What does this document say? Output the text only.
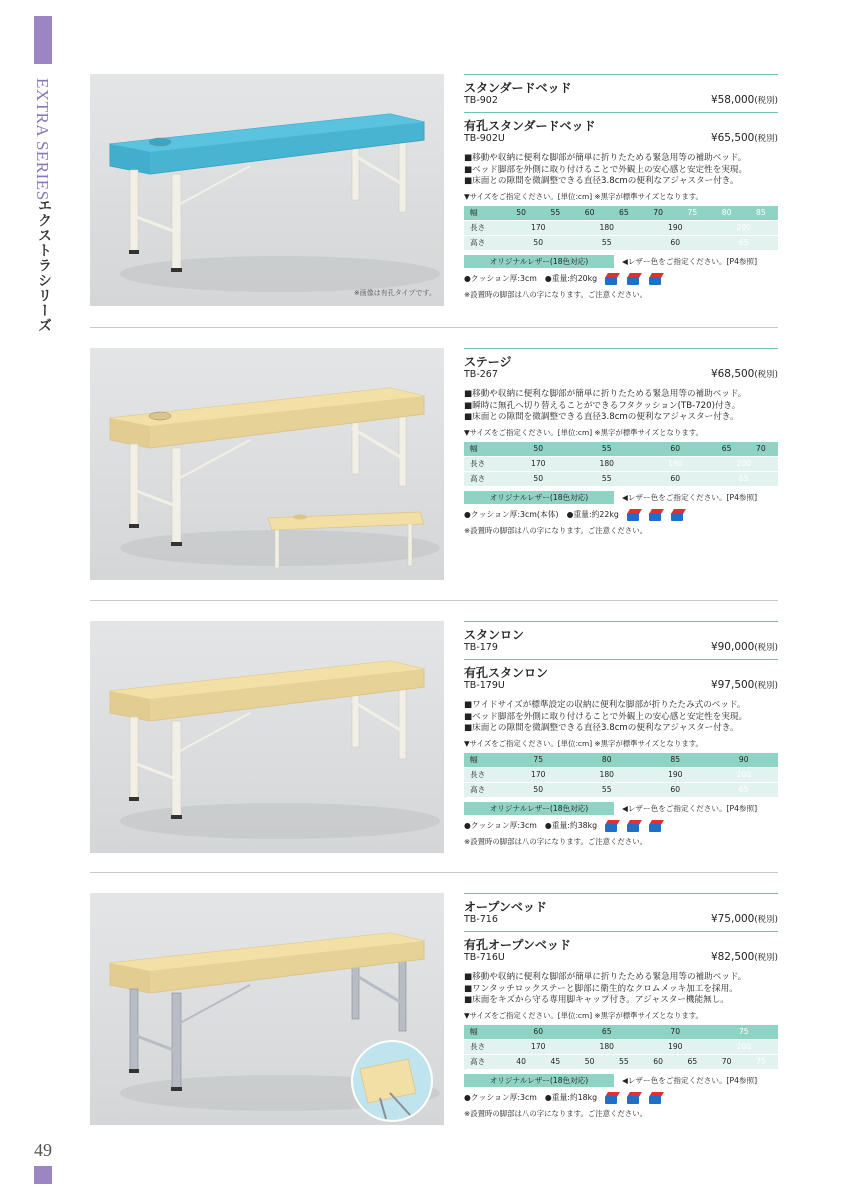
EXTRA SERIES
エクストラシリーズ
49
※画像は有孔タイプです。
スタンダードベッド
TB-902	¥58,000(税別)
有孔スタンダードベッド
TB-902U	¥65,500(税別)
■移動や収納に便利な脚部が簡単に折りたためる緊急用等の補助ベッド。
■ベッド脚部を外側に取り付けることで外観上の安心感と安定性を実現。
■床面との隙間を微調整できる直径3.8cmの便利なアジャスター付き。
▼サイズをご指定ください。[単位:cm] ※黒字が標準サイズとなります。
幅	50	55	60	65	70	75	80	85
長さ	170		180		190		200	
高さ	50		55		60		65	
オリジナルレザー(18色対応)	◀レザー色をご指定ください。[P4参照]
●クッション厚:3cm ●重量:約20kg
※設置時の脚部は八の字になります。ご注意ください。
ステージ
TB-267	¥68,500(税別)
■移動や収納に便利な脚部が簡単に折りたためる緊急用等の補助ベッド。
■瞬時に無孔へ切り替えることができるフタクッション(TB-720)付き。
■床面との隙間を微調整できる直径3.8cmの便利なアジャスター付き。
▼サイズをご指定ください。[単位:cm] ※黒字が標準サイズとなります。
幅	50	55	60	65	70
長さ	170	180	190	200	
高さ	50	55	60	65	
オリジナルレザー(18色対応)	◀レザー色をご指定ください。[P4参照]
●クッション厚:3cm(本体) ●重量:約22kg
※設置時の脚部は八の字になります。ご注意ください。
スタンロン
TB-179	¥90,000(税別)
有孔スタンロン
TB-179U	¥97,500(税別)
■ワイドサイズが標準設定の収納に便利な脚部が折りたたみ式のベッド。
■ベッド脚部を外側に取り付けることで外観上の安心感と安定性を実現。
■床面との隙間を微調整できる直径3.8cmの便利なアジャスター付き。
▼サイズをご指定ください。[単位:cm] ※黒字が標準サイズとなります。
幅	75	80	85	90
長さ	170	180	190	200
高さ	50	55	60	65
オリジナルレザー(18色対応)	◀レザー色をご指定ください。[P4参照]
●クッション厚:3cm ●重量:約38kg
※設置時の脚部は八の字になります。ご注意ください。
オープンベッド
TB-716	¥75,000(税別)
有孔オープンベッド
TB-716U	¥82,500(税別)
■移動や収納に便利な脚部が簡単に折りたためる緊急用等の補助ベッド。
■ワンタッチロックステーと脚部に衛生的なクロムメッキ加工を採用。
■床面をキズから守る専用脚キャップ付き。アジャスター機能無し。
▼サイズをご指定ください。[単位:cm] ※黒字が標準サイズとなります。
幅	60		65		70		75	
長さ	170		180		190		200	
高さ	40	45	50	55	60	65	70	75
オリジナルレザー(18色対応)	◀レザー色をご指定ください。[P4参照]
●クッション厚:3cm ●重量:約18kg
※設置時の脚部は八の字になります。ご注意ください。
